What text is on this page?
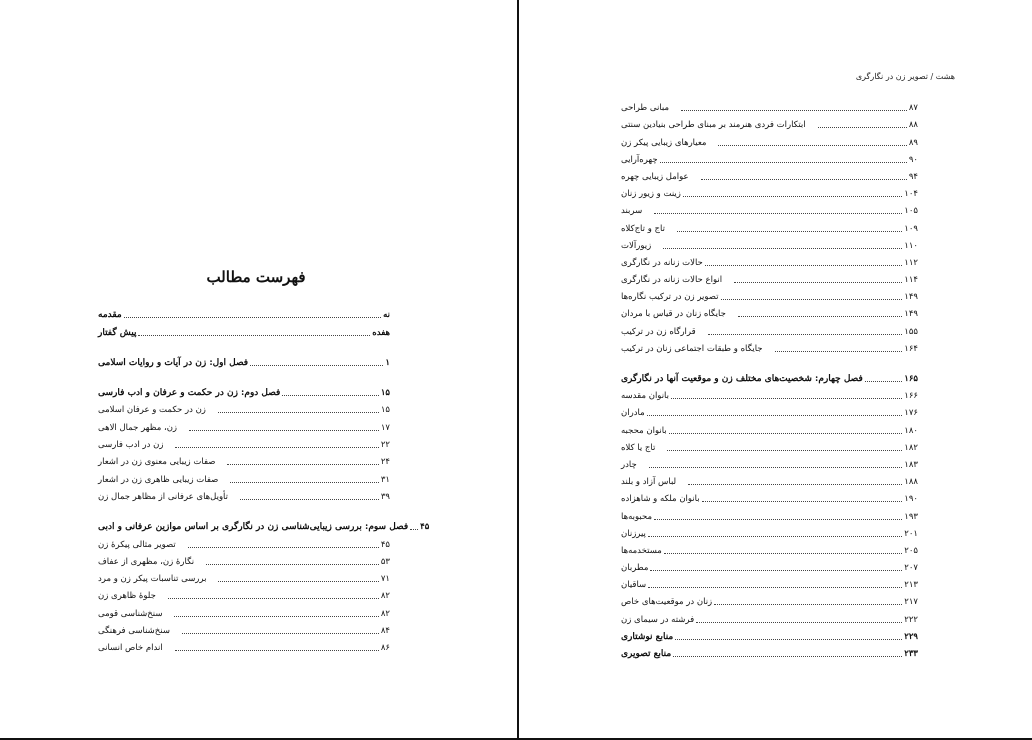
فهرست مطالب
مقدمه	نه
پیش گفتار	هفده
فصل اول: زن در آیات و روایات اسلامی	۱
فصل دوم: زن در حکمت و عرفان و ادب فارسی	۱۵
زن در حکمت و عرفان اسلامی	۱۵
زن، مظهر جمال الاهی	۱۷
زن در ادب فارسی	۲۲
صفات زیبایی معنوی زن در اشعار	۲۴
صفات زیبایی ظاهری زن در اشعار	۳۱
تأویل‌های عرفانی از مظاهر جمال زن	۳۹
فصل سوم: بررسی زیبایی‌شناسی زن در نگارگری بر اساس موازین عرفانی و ادبی ۴۵
تصویر مثالی پیکرهٔ زن	۴۵
نگارهٔ زن، مظهری از عفاف	۵۳
بررسی تناسبات پیکر زن و مرد	۷۱
جلوهٔ ظاهری زن	۸۲
سنخ‌شناسی قومی	۸۲
سنخ‌شناسی فرهنگی	۸۴
اندام خاص انسانی	۸۶
هشت / تصویر زن در نگارگری
مبانی طراحی	۸۷
ابتکارات فردی هنرمند بر مبنای طراحی بنیادین سنتی	۸۸
معیارهای زیبایی پیکر زن	۸۹
چهره‌آرایی	۹۰
عوامل زیبایی چهره	۹۴
زینت و زیور زنان	۱۰۴
سربند	۱۰۵
تاج و تاج‌کلاه	۱۰۹
زیورآلات	۱۱۰
حالات زنانه در نگارگری	۱۱۲
انواع حالات زنانه در نگارگری	۱۱۴
تصویر زن در ترکیب نگاره‌ها	۱۴۹
جایگاه زنان در قیاس با مردان	۱۴۹
قرارگاه زن در ترکیب	۱۵۵
جایگاه و طبقات اجتماعی زنان در ترکیب	۱۶۴
فصل چهارم: شخصیت‌های مختلف زن و موقعیت آنها در نگارگری	۱۶۵
بانوان مقدسه	۱۶۶
مادران	۱۷۶
بانوان محجبه	۱۸۰
تاج یا کلاه	۱۸۲
چادر	۱۸۳
لباس آزاد و بلند	۱۸۸
بانوان ملکه و شاهزاده	۱۹۰
محبوبه‌ها	۱۹۳
پیرزنان	۲۰۱
مستخدمه‌ها	۲۰۵
مطربان	۲۰۷
ساقیان	۲۱۳
زنان در موقعیت‌های خاص	۲۱۷
فرشته در سیمای زن	۲۲۲
منابع نوشتاری	۲۲۹
منابع تصویری	۲۳۳
